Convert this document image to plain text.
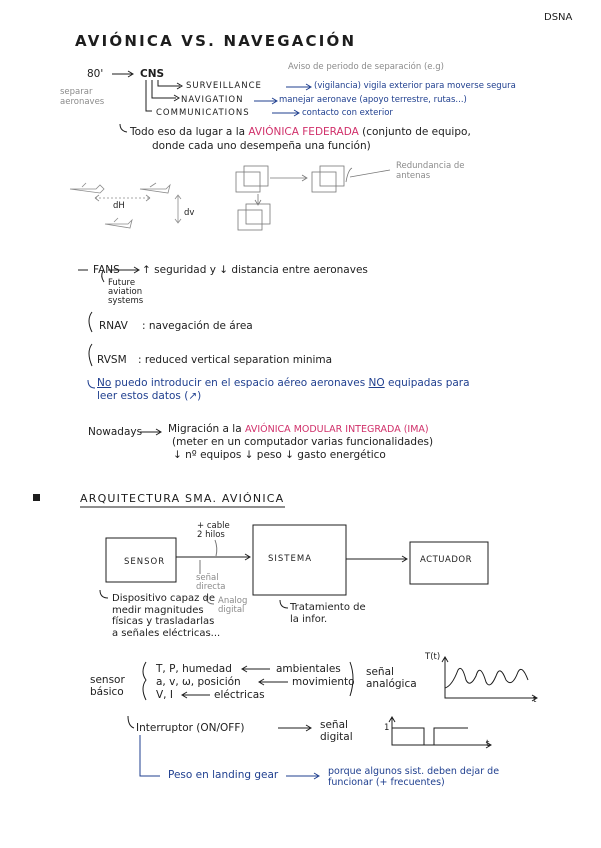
DSNA
AVIÓNICA VS. NAVEGACIÓN
80'	CNS
separar aeronaves
Aviso de periodo de separación (e.g)
SURVEILLANCE	(vigilancia) vigila exterior para moverse segura
NAVIGATION	manejar aeronave (apoyo terrestre, rutas...)
COMMUNICATIONS	contacto con exterior
Todo eso da lugar a la AVIÓNICA FEDERADA (conjunto de equipo,
donde cada uno desempeña una función)
Redundancia de antenas
dH
dv
FANS ↑ seguridad y ↓ distancia entre aeronaves
Future aviation systems
RNAV : navegación de área
RVSM : reduced vertical separation minima
No puedo introducir en el espacio aéreo aeronaves NO equipadas para
leer estos datos (↗)
Nowadays Migración a la AVIÓNICA MODULAR INTEGRADA (IMA)
(meter en un computador varias funcionalidades)
↓ nº equipos ↓ peso ↓ gasto energético
ARQUITECTURA SMA. AVIÓNICA
+ cable 2 hilos
SENSOR	SISTEMA	ACTUADOR
señal directa
Analog digital
Dispositivo capaz de medir magnitudes físicas y trasladarlas a señales eléctricas...
Tratamiento de la infor.
sensor básico
T, P, humedad	ambientales
a, v, ω, posición	movimiento
V, I	eléctricas
señal analógica
T(t)
t
Interruptor (ON/OFF)	señal digital
1
t
Peso en landing gear	porque algunos sist. deben dejar de funcionar (+ frecuentes)
